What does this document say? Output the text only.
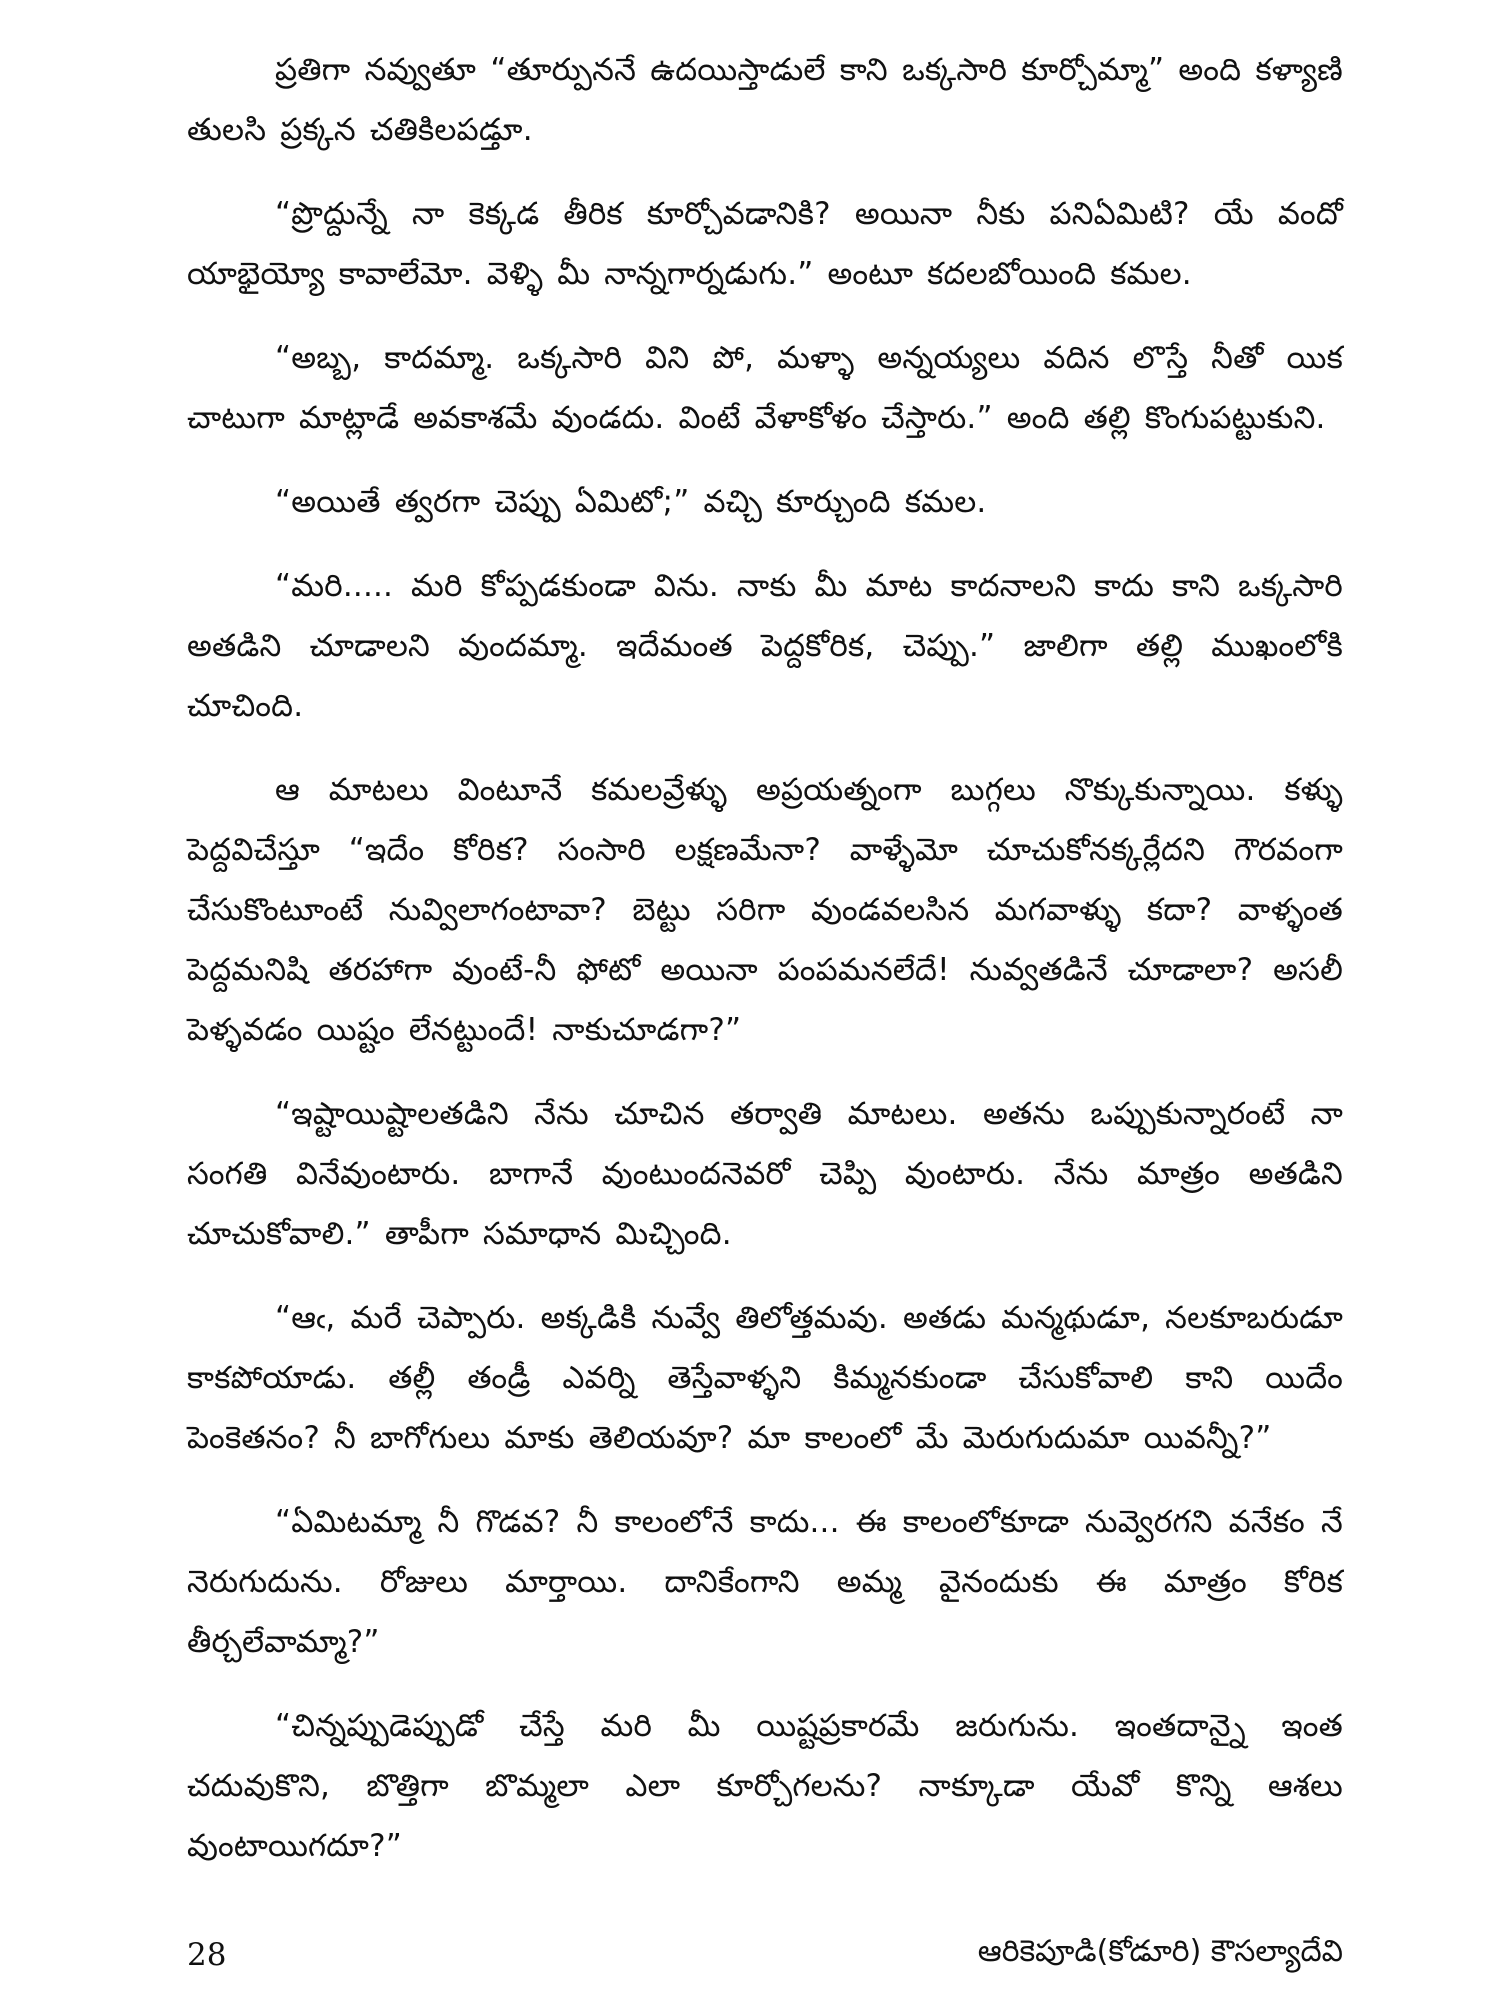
ప్రతిగా నవ్వుతూ “తూర్పుననే ఉదయిస్తాడులే కాని ఒక్కసారి కూర్చోమ్మా” అంది కళ్యాణి తులసి ప్రక్కన చతికిలపడ్తూ.

“ప్రొద్దున్నే నా కెక్కడ తీరిక కూర్చోవడానికి? అయినా నీకు పనిఏమిటి? యే వందో యాభైయ్యో కావాలేమో. వెళ్ళి మీ నాన్నగార్నడుగు.” అంటూ కదలబోయింది కమల.

“అబ్బ, కాదమ్మా. ఒక్కసారి విని పో, మళ్ళా అన్నయ్యలు వదిన లొస్తే నీతో యిక చాటుగా మాట్లాడే అవకాశమే వుండదు. వింటే వేళాకోళం చేస్తారు.” అంది తల్లి కొంగుపట్టుకుని.

“అయితే త్వరగా చెప్పు ఏమిటో;” వచ్చి కూర్చుంది కమల.

“మరి..... మరి కోప్పడకుండా విను. నాకు మీ మాట కాదనాలని కాదు కాని ఒక్కసారి అతడిని చూడాలని వుందమ్మా. ఇదేమంత పెద్దకోరిక, చెప్పు.” జాలిగా తల్లి ముఖంలోకి చూచింది.

ఆ మాటలు వింటూనే కమలవ్రేళ్ళు అప్రయత్నంగా బుగ్గలు నొక్కుకున్నాయి. కళ్ళు పెద్దవిచేస్తూ “ఇదేం కోరిక? సంసారి లక్షణమేనా? వాళ్ళేమో చూచుకోనక్కర్లేదని గౌరవంగా చేసుకొంటూంటే నువ్విలాగంటావా? బెట్టు సరిగా వుండవలసిన మగవాళ్ళు కదా? వాళ్ళంత పెద్దమనిషి తరహాగా వుంటే-నీ ఫోటో అయినా పంపమనలేదే! నువ్వతడినే చూడాలా? అసలీ పెళ్ళవడం యిష్టం లేనట్టుందే! నాకుచూడగా?”

“ఇష్టాయిష్టాలతడిని నేను చూచిన తర్వాతి మాటలు. అతను ఒప్పుకున్నారంటే నా సంగతి వినేవుంటారు. బాగానే వుంటుందనెవరో చెప్పి వుంటారు. నేను మాత్రం అతడిని చూచుకోవాలి.” తాపీగా సమాధాన మిచ్చింది.

“ఆఁ, మరే చెప్పారు. అక్కడికి నువ్వే తిలోత్తమవు. అతడు మన్మథుడూ, నలకూబరుడూ కాకపోయాడు. తల్లీ తండ్రీ ఎవర్ని తెస్తేవాళ్ళని కిమ్మనకుండా చేసుకోవాలి కాని యిదేం పెంకెతనం? నీ బాగోగులు మాకు తెలియవూ? మా కాలంలో మే మెరుగుదుమా యివన్నీ?”

“ఏమిటమ్మా నీ గొడవ? నీ కాలంలోనే కాదు... ఈ కాలంలోకూడా నువ్వెరగని వనేకం నే నెరుగుదును. రోజులు మార్తాయి. దానికేంగాని అమ్మ వైనందుకు ఈ మాత్రం కోరిక తీర్చలేవామ్మా?”

“చిన్నప్పుడెప్పుడో చేస్తే మరి మీ యిష్టప్రకారమే జరుగును. ఇంతదాన్నై ఇంత చదువుకొని, బొత్తిగా బొమ్మలా ఎలా కూర్చోగలను? నాక్కూడా యేవో కొన్ని ఆశలు వుంటాయిగదూ?”

28	ఆరికెపూడి(కోడూరి) కౌసల్యాదేవి
